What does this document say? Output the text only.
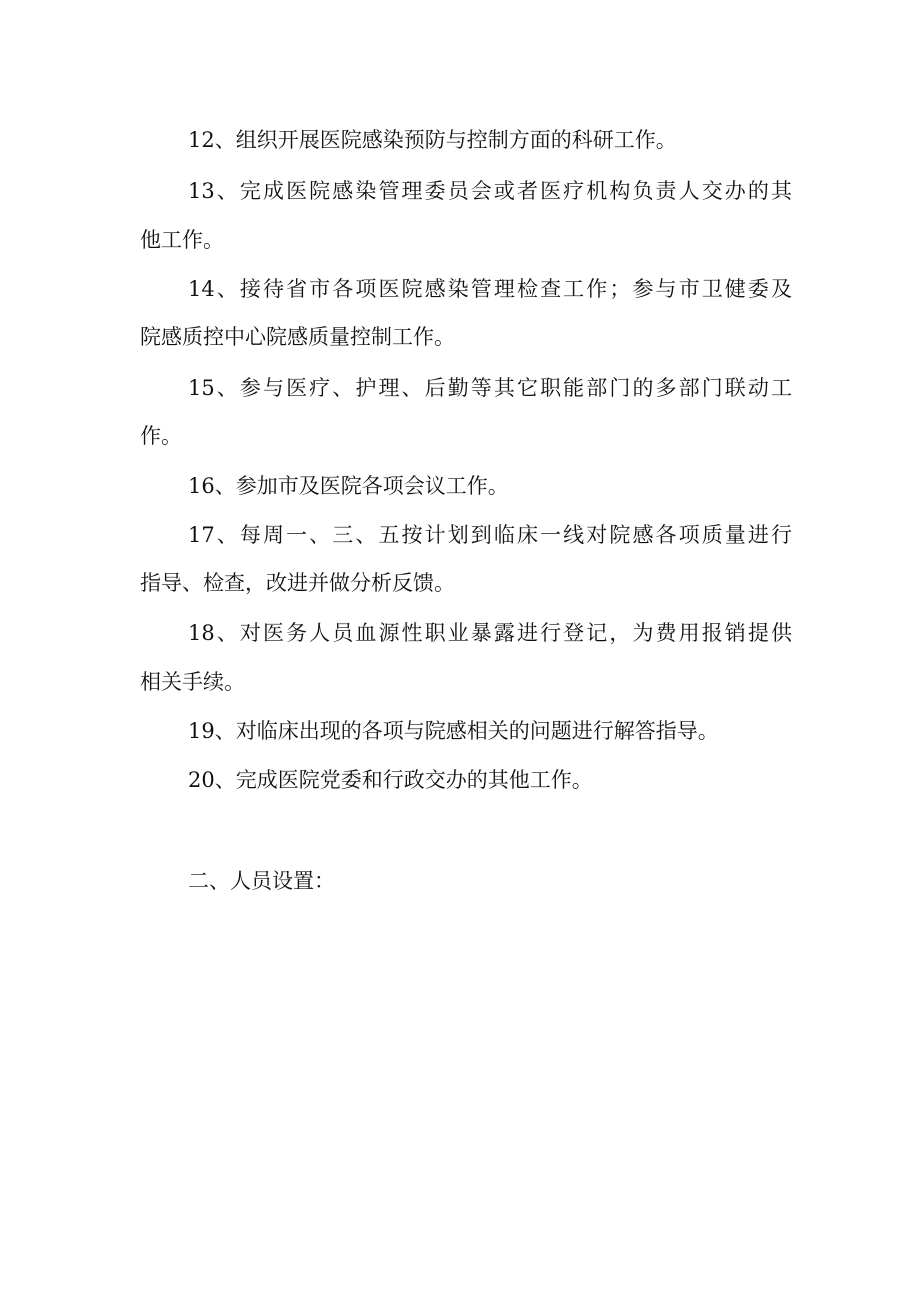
12、组织开展医院感染预防与控制方面的科研工作。
13、完成医院感染管理委员会或者医疗机构负责人交办的其
他工作。
14、接待省市各项医院感染管理检查工作；参与市卫健委及
院感质控中心院感质量控制工作。
15、参与医疗、护理、后勤等其它职能部门的多部门联动工
作。
16、参加市及医院各项会议工作。
17、每周一、三、五按计划到临床一线对院感各项质量进行
指导、检查，改进并做分析反馈。
18、对医务人员血源性职业暴露进行登记，为费用报销提供
相关手续。
19、对临床出现的各项与院感相关的问题进行解答指导。
20、完成医院党委和行政交办的其他工作。
二、人员设置：
